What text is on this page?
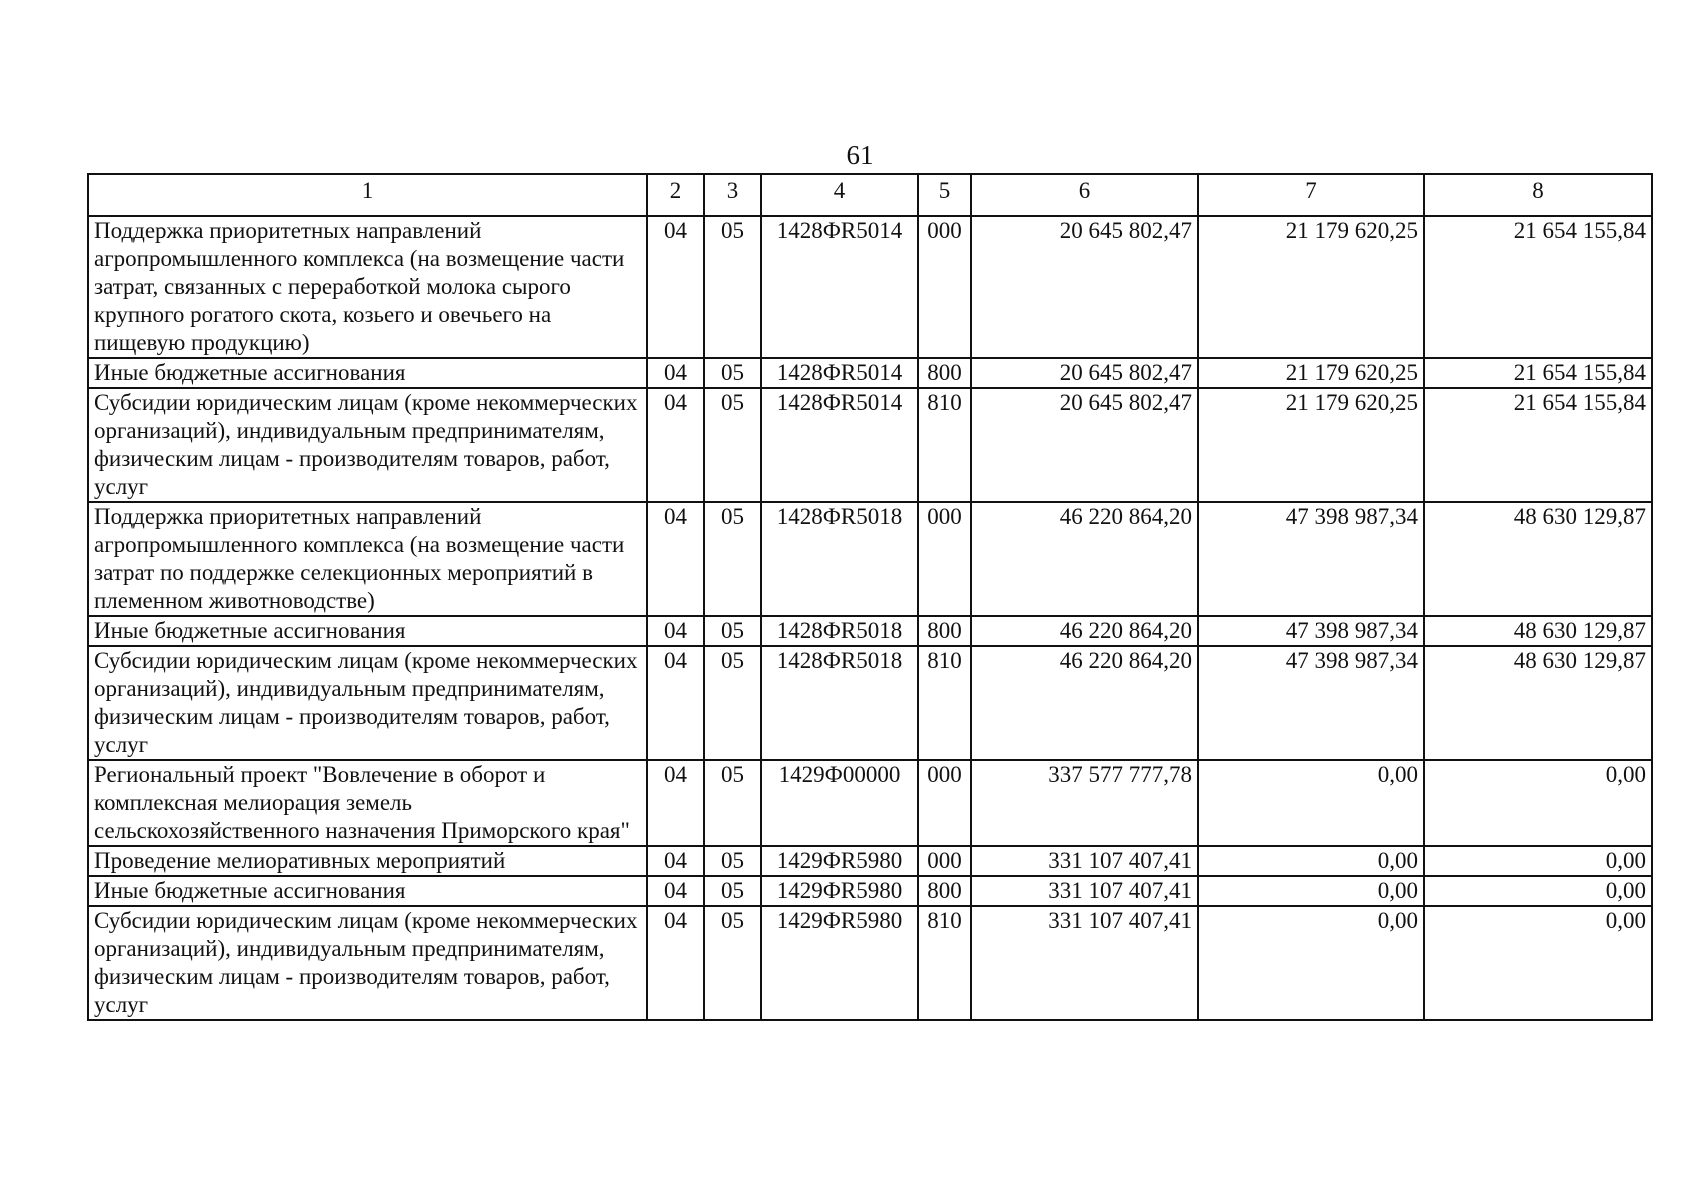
61
1	2	3	4	5	6	7	8
Поддержка приоритетных направлений агропромышленного комплекса (на возмещение части затрат, связанных с переработкой молока сырого крупного рогатого скота, козьего и овечьего на пищевую продукцию)	04	05	1428ФR5014	000	20 645 802,47	21 179 620,25	21 654 155,84
Иные бюджетные ассигнования	04	05	1428ФR5014	800	20 645 802,47	21 179 620,25	21 654 155,84
Субсидии юридическим лицам (кроме некоммерческих организаций), индивидуальным предпринимателям, физическим лицам - производителям товаров, работ, услуг	04	05	1428ФR5014	810	20 645 802,47	21 179 620,25	21 654 155,84
Поддержка приоритетных направлений агропромышленного комплекса (на возмещение части затрат по поддержке селекционных мероприятий в племенном животноводстве)	04	05	1428ФR5018	000	46 220 864,20	47 398 987,34	48 630 129,87
Иные бюджетные ассигнования	04	05	1428ФR5018	800	46 220 864,20	47 398 987,34	48 630 129,87
Субсидии юридическим лицам (кроме некоммерческих организаций), индивидуальным предпринимателям, физическим лицам - производителям товаров, работ, услуг	04	05	1428ФR5018	810	46 220 864,20	47 398 987,34	48 630 129,87
Региональный проект "Вовлечение в оборот и комплексная мелиорация земель сельскохозяйственного назначения Приморского края"	04	05	1429Ф00000	000	337 577 777,78	0,00	0,00
Проведение мелиоративных мероприятий	04	05	1429ФR5980	000	331 107 407,41	0,00	0,00
Иные бюджетные ассигнования	04	05	1429ФR5980	800	331 107 407,41	0,00	0,00
Субсидии юридическим лицам (кроме некоммерческих организаций), индивидуальным предпринимателям, физическим лицам - производителям товаров, работ, услуг	04	05	1429ФR5980	810	331 107 407,41	0,00	0,00
